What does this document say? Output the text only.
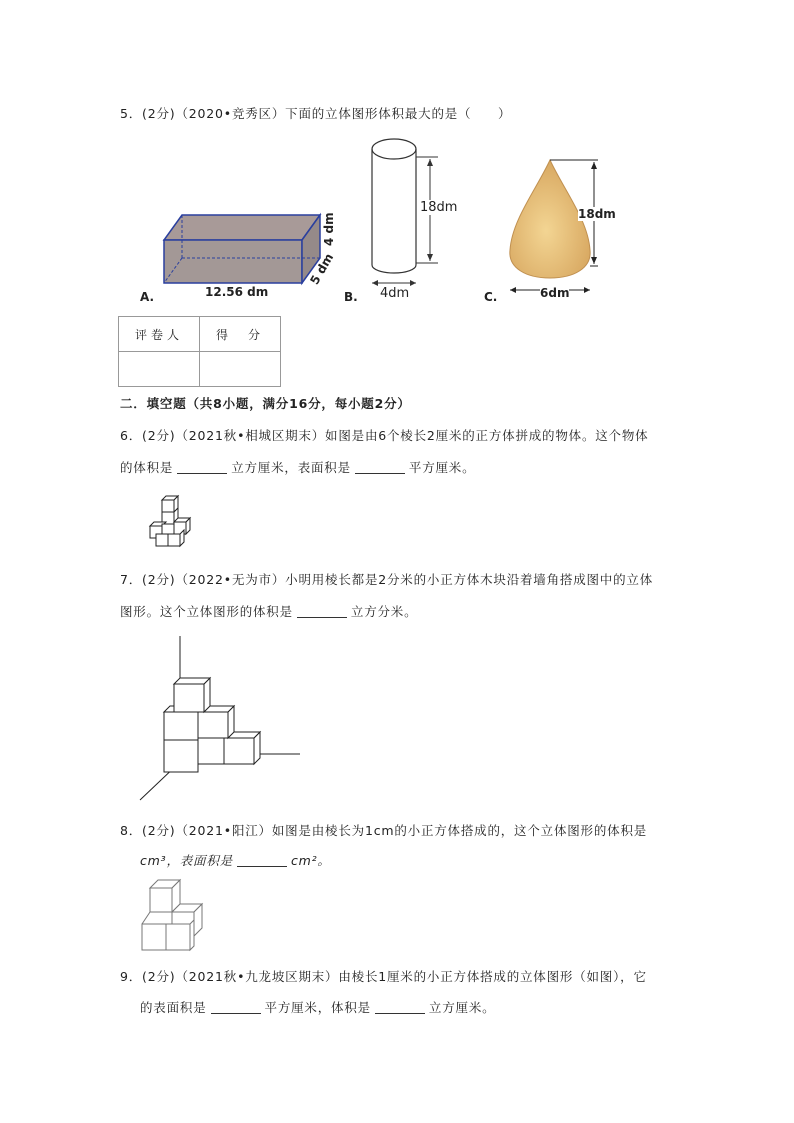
5．(2分)（2020•竞秀区）下面的立体图形体积最大的是（　　）
4 dm
5 dm
12.56 dm
A.
18dm
4dm
B.
18dm
6dm
C.
评卷人	得　分

二．填空题（共8小题，满分16分，每小题2分）
6．(2分)（2021秋•相城区期末）如图是由6个棱长2厘米的正方体拼成的物体。这个物体
的体积是	立方厘米，表面积是	平方厘米。
7．(2分)（2022•无为市）小明用棱长都是2分米的小正方体木块沿着墙角搭成图中的立体
图形。这个立体图形的体积是	立方分米。
8．(2分)（2021•阳江）如图是由棱长为1cm的小正方体搭成的，这个立体图形的体积是
cm³，表面积是	cm²。
9．(2分)（2021秋•九龙坡区期末）由棱长1厘米的小正方体搭成的立体图形（如图），它
的表面积是	平方厘米，体积是	立方厘米。
